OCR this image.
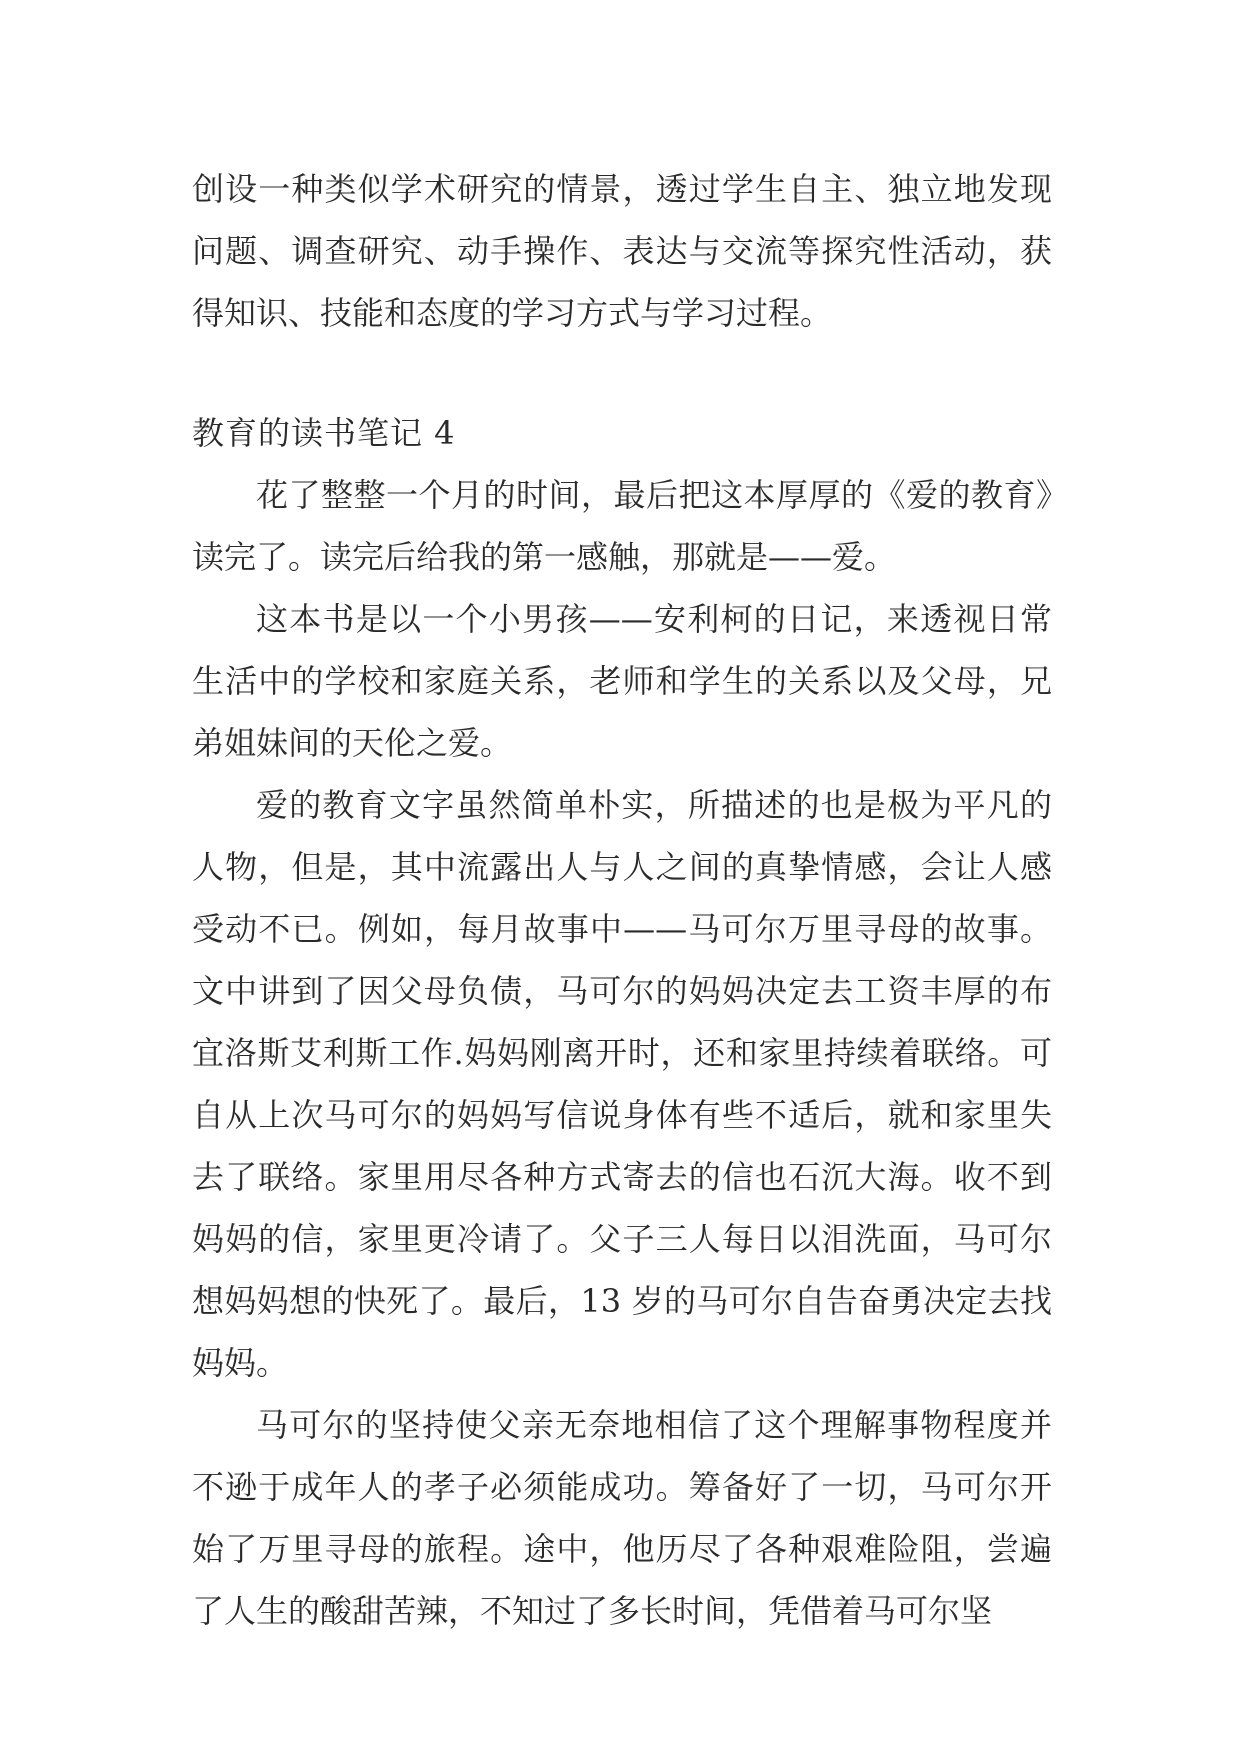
创设一种类似学术研究的情景，透过学生自主、独立地发现问题、调查研究、动手操作、表达与交流等探究性活动，获得知识、技能和态度的学习方式与学习过程。

教育的读书笔记 4

花了整整一个月的时间，最后把这本厚厚的《爱的教育》读完了。读完后给我的第一感触，那就是——爱。

这本书是以一个小男孩——安利柯的日记，来透视日常生活中的学校和家庭关系，老师和学生的关系以及父母，兄弟姐妹间的天伦之爱。

爱的教育文字虽然简单朴实，所描述的也是极为平凡的人物，但是，其中流露出人与人之间的真挚情感，会让人感受动不已。例如，每月故事中——马可尔万里寻母的故事。文中讲到了因父母负债，马可尔的妈妈决定去工资丰厚的布宜洛斯艾利斯工作.妈妈刚离开时，还和家里持续着联络。可自从上次马可尔的妈妈写信说身体有些不适后，就和家里失去了联络。家里用尽各种方式寄去的信也石沉大海。收不到妈妈的信，家里更冷请了。父子三人每日以泪洗面，马可尔想妈妈想的快死了。最后，13 岁的马可尔自告奋勇决定去找妈妈。

马可尔的坚持使父亲无奈地相信了这个理解事物程度并不逊于成年人的孝子必须能成功。筹备好了一切，马可尔开始了万里寻母的旅程。途中，他历尽了各种艰难险阻，尝遍了人生的酸甜苦辣，不知过了多长时间，凭借着马可尔坚
